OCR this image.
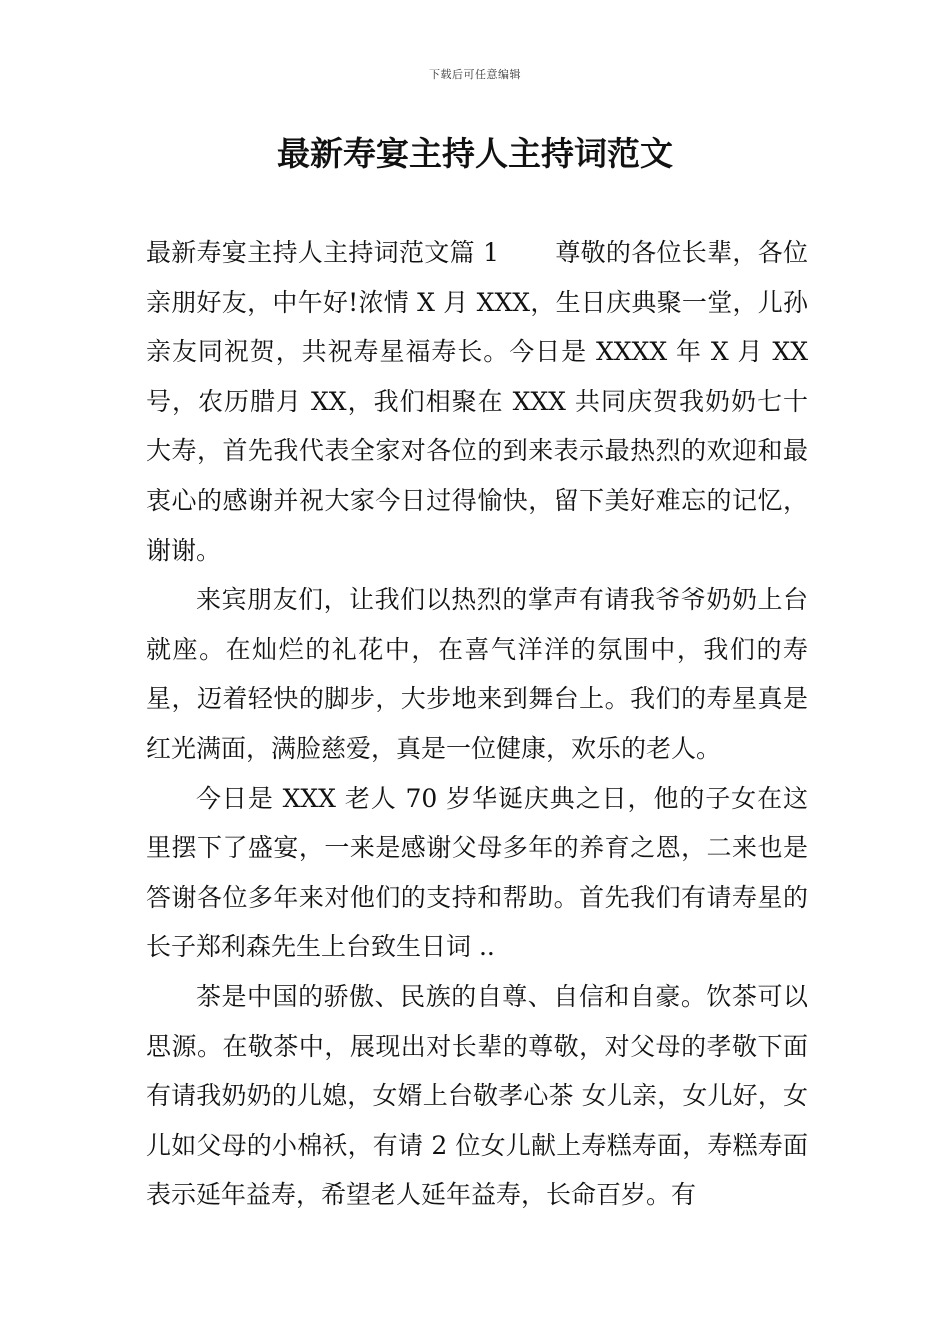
下载后可任意编辑
最新寿宴主持人主持词范文

最新寿宴主持人主持词范文篇 1 尊敬的各位长辈，各位亲朋好友，中午好!浓情 X 月 XXX，生日庆典聚一堂，儿孙亲友同祝贺，共祝寿星福寿长。今日是 XXXX 年 X 月 XX 号，农历腊月 XX，我们相聚在 XXX 共同庆贺我奶奶七十大寿，首先我代表全家对各位的到来表示最热烈的欢迎和最衷心的感谢并祝大家今日过得愉快，留下美好难忘的记忆，谢谢。

来宾朋友们，让我们以热烈的掌声有请我爷爷奶奶上台就座。在灿烂的礼花中，在喜气洋洋的氛围中，我们的寿星，迈着轻快的脚步，大步地来到舞台上。我们的寿星真是红光满面，满脸慈爱，真是一位健康，欢乐的老人。

今日是 XXX 老人 70 岁华诞庆典之日，他的子女在这里摆下了盛宴，一来是感谢父母多年的养育之恩，二来也是答谢各位多年来对他们的支持和帮助。首先我们有请寿星的长子郑利森先生上台致生日词 ..

茶是中国的骄傲、民族的自尊、自信和自豪。饮茶可以思源。在敬茶中，展现出对长辈的尊敬，对父母的孝敬下面有请我奶奶的儿媳，女婿上台敬孝心茶 女儿亲，女儿好，女儿如父母的小棉袄，有请 2 位女儿献上寿糕寿面，寿糕寿面表示延年益寿，希望老人延年益寿，长命百岁。有
